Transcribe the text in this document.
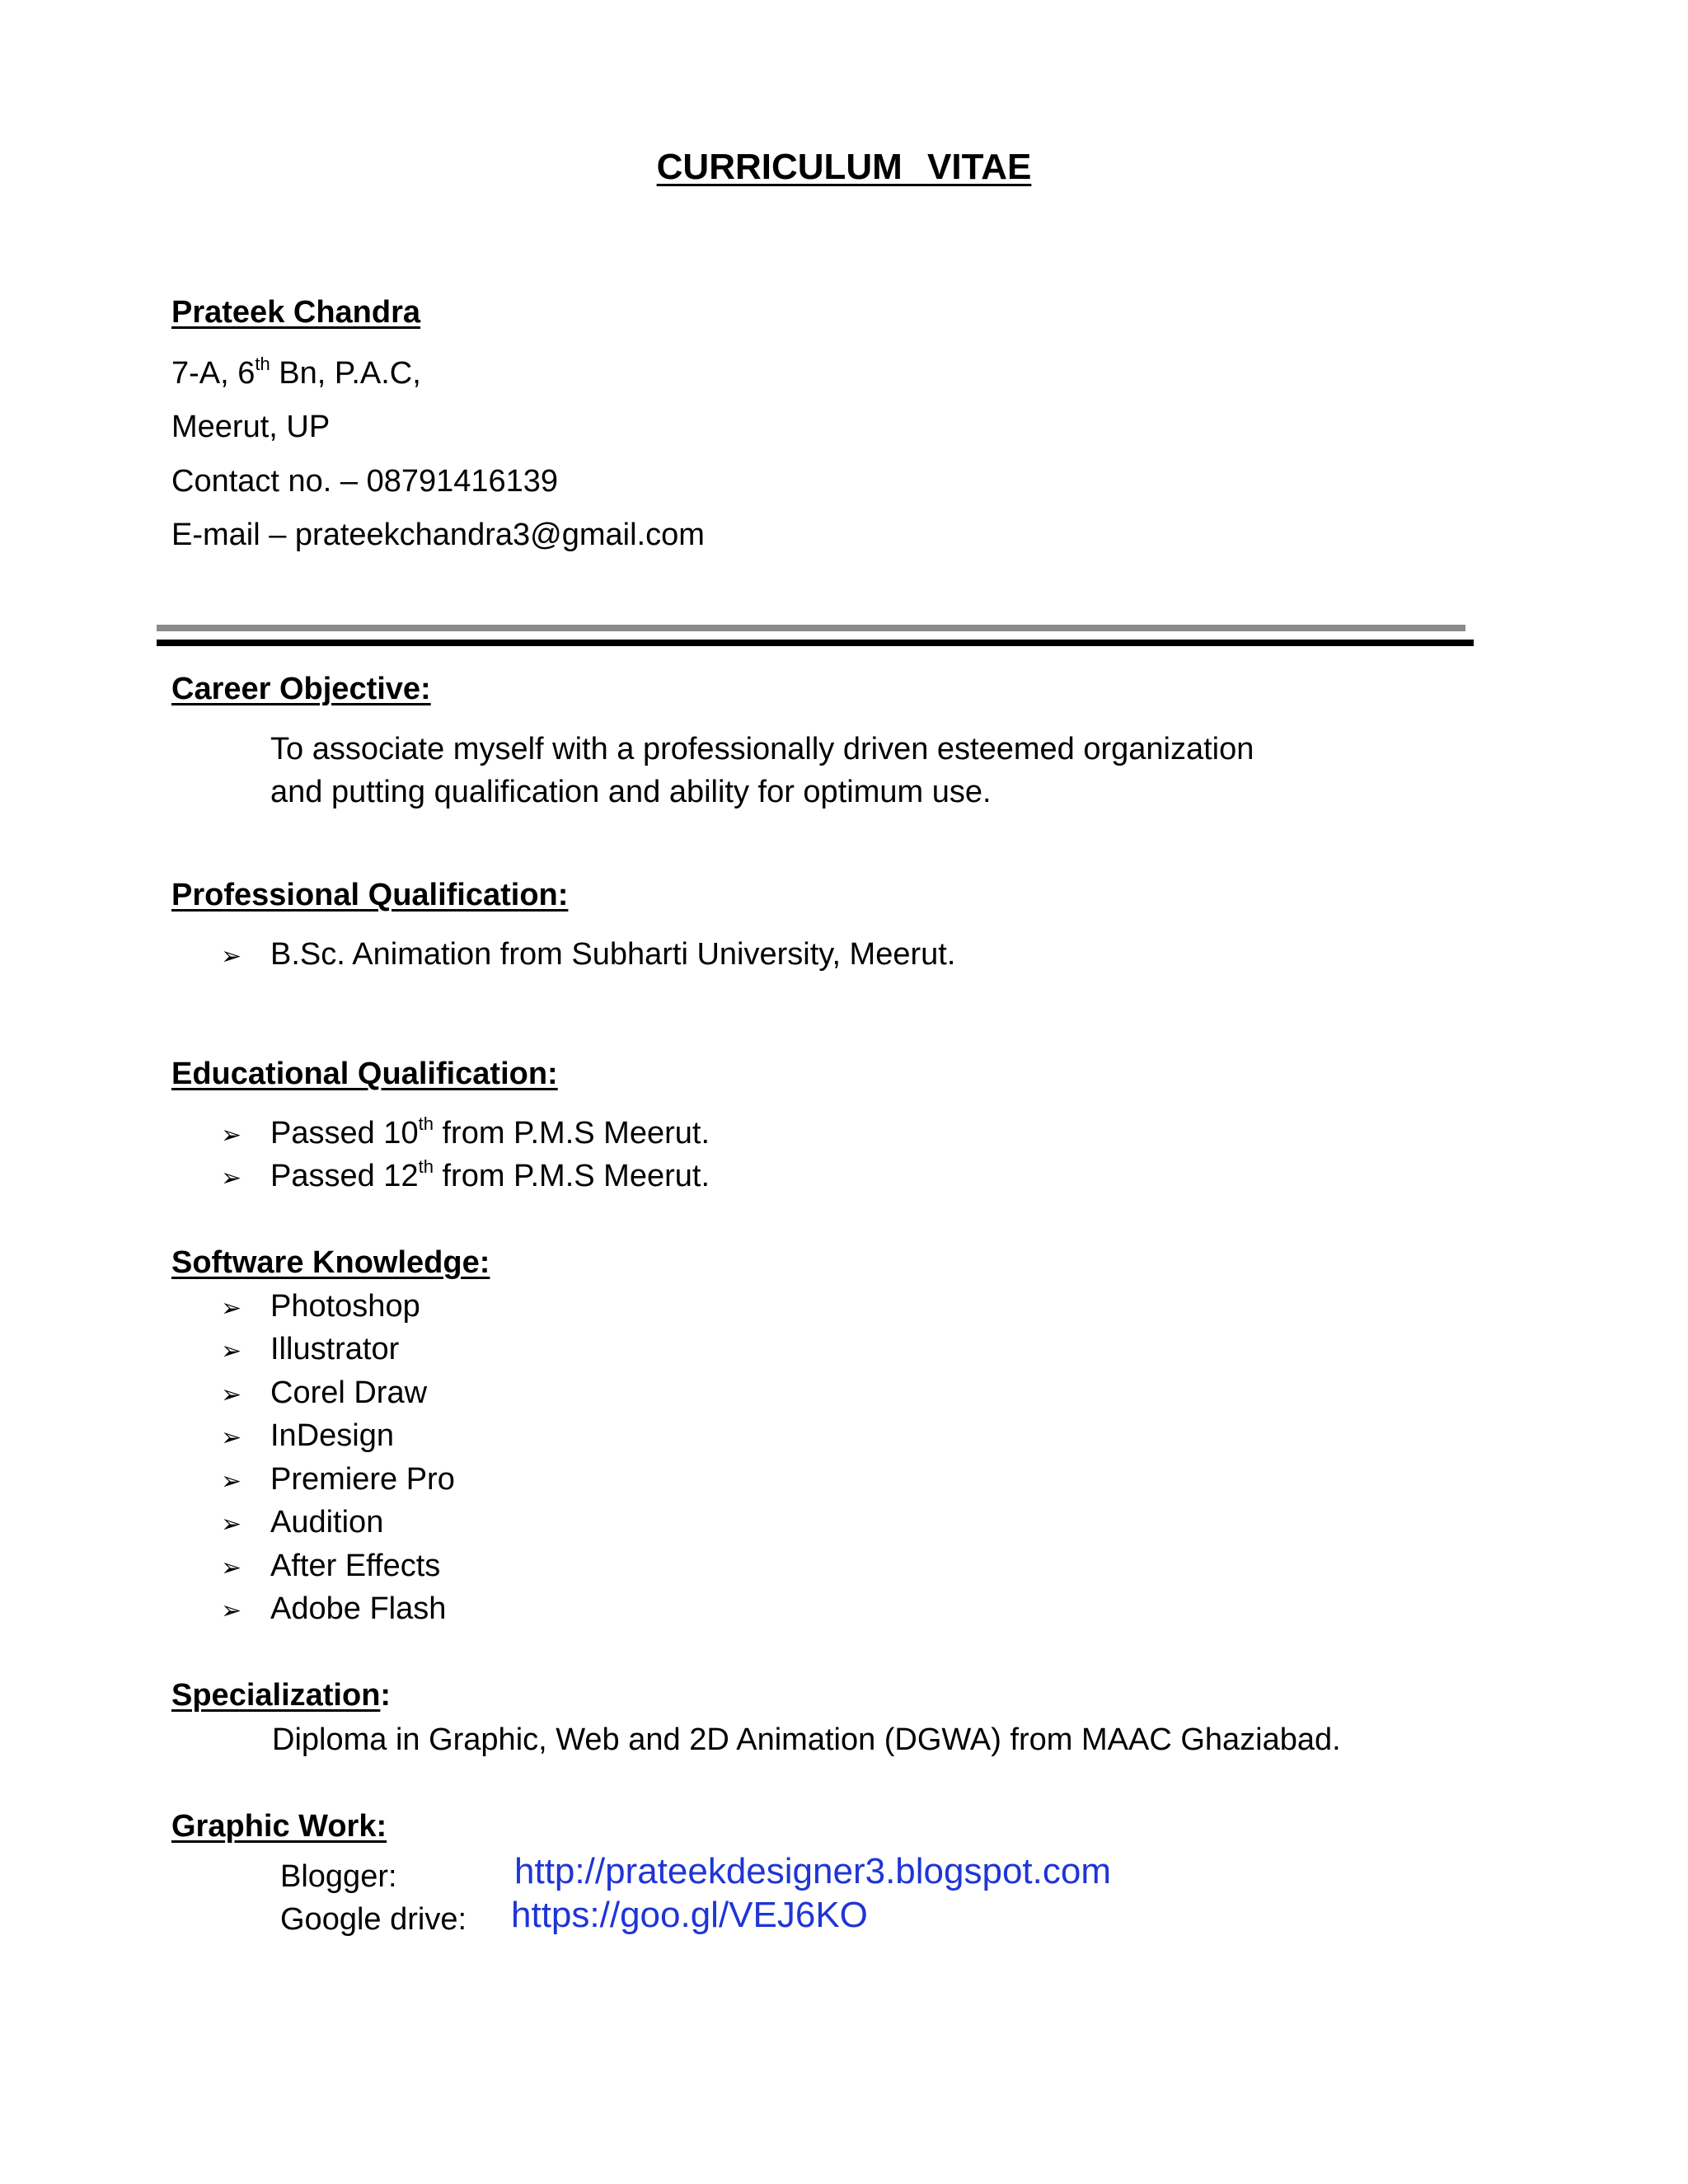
CURRICULUM VITAE
Prateek Chandra
7-A, 6th Bn, P.A.C,
Meerut, UP
Contact no. – 08791416139
E-mail – prateekchandra3@gmail.com
Career Objective:
To associate myself with a professionally driven esteemed organization
and putting qualification and ability for optimum use.
Professional Qualification:
➢ B.Sc. Animation from Subharti University, Meerut.
Educational Qualification:
➢ Passed 10th from P.M.S Meerut.
➢ Passed 12th from P.M.S Meerut.
Software Knowledge:
➢ Photoshop
➢ Illustrator
➢ Corel Draw
➢ InDesign
➢ Premiere Pro
➢ Audition
➢ After Effects
➢ Adobe Flash
Specialization:
Diploma in Graphic, Web and 2D Animation (DGWA) from MAAC Ghaziabad.
Graphic Work:
Blogger:	http://prateekdesigner3.blogspot.com
Google drive: https://goo.gl/VEJ6KO
